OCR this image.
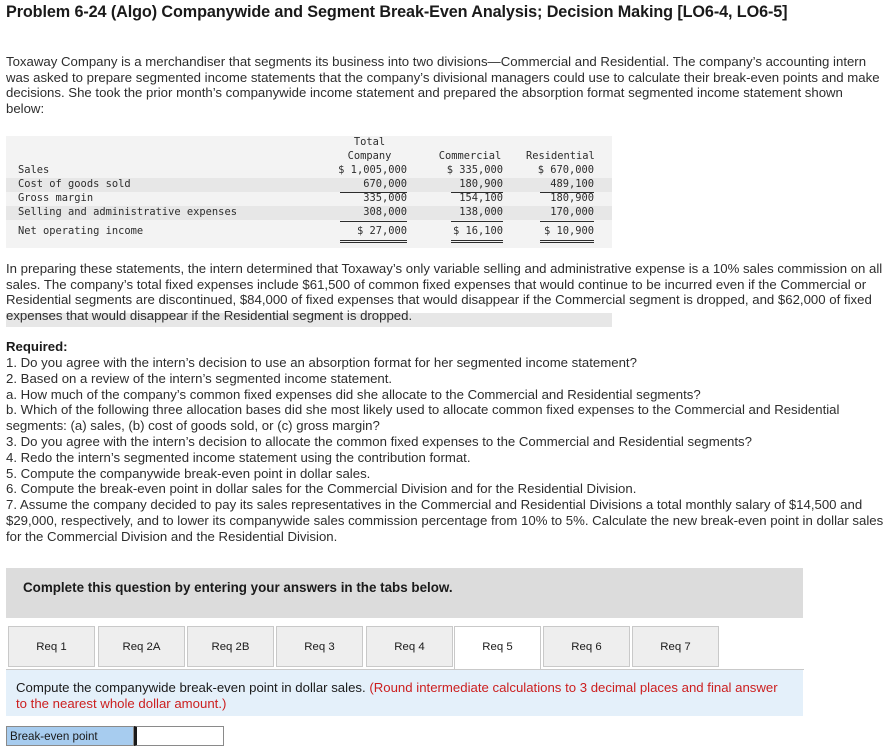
Problem 6-24 (Algo) Companywide and Segment Break-Even Analysis; Decision Making [LO6-4, LO6-5]
Toxaway Company is a merchandiser that segments its business into two divisions—Commercial and Residential. The company’s accounting intern was asked to prepare segmented income statements that the company’s divisional managers could use to calculate their break-even points and make decisions. She took the prior month’s companywide income statement and prepared the absorption format segmented income statement shown below:
Total
Company	Commercial Residential
Sales	$ 1,005,000	$ 335,000	$ 670,000
Cost of goods sold	670,000	180,900	489,100
Gross margin	335,000	154,100	180,900
Selling and administrative expenses	308,000	138,000	170,000
Net operating income	$ 27,000	$ 16,100	$ 10,900
In preparing these statements, the intern determined that Toxaway’s only variable selling and administrative expense is a 10% sales commission on all sales. The company’s total fixed expenses include $61,500 of common fixed expenses that would continue to be incurred even if the Commercial or Residential segments are discontinued, $84,000 of fixed expenses that would disappear if the Commercial segment is dropped, and $62,000 of fixed expenses that would disappear if the Residential segment is dropped.
Required:
1. Do you agree with the intern’s decision to use an absorption format for her segmented income statement?
2. Based on a review of the intern’s segmented income statement.
a. How much of the company’s common fixed expenses did she allocate to the Commercial and Residential segments?
b. Which of the following three allocation bases did she most likely used to allocate common fixed expenses to the Commercial and Residential segments: (a) sales, (b) cost of goods sold, or (c) gross margin?
3. Do you agree with the intern’s decision to allocate the common fixed expenses to the Commercial and Residential segments?
4. Redo the intern’s segmented income statement using the contribution format.
5. Compute the companywide break-even point in dollar sales.
6. Compute the break-even point in dollar sales for the Commercial Division and for the Residential Division.
7. Assume the company decided to pay its sales representatives in the Commercial and Residential Divisions a total monthly salary of $14,500 and $29,000, respectively, and to lower its companywide sales commission percentage from 10% to 5%. Calculate the new break-even point in dollar sales for the Commercial Division and the Residential Division.
Complete this question by entering your answers in the tabs below.
Req 1	Req 2A	Req 2B	Req 3	Req 4	Req 5	Req 6	Req 7
Compute the companywide break-even point in dollar sales. (Round intermediate calculations to 3 decimal places and final answer to the nearest whole dollar amount.)
Break-even point
